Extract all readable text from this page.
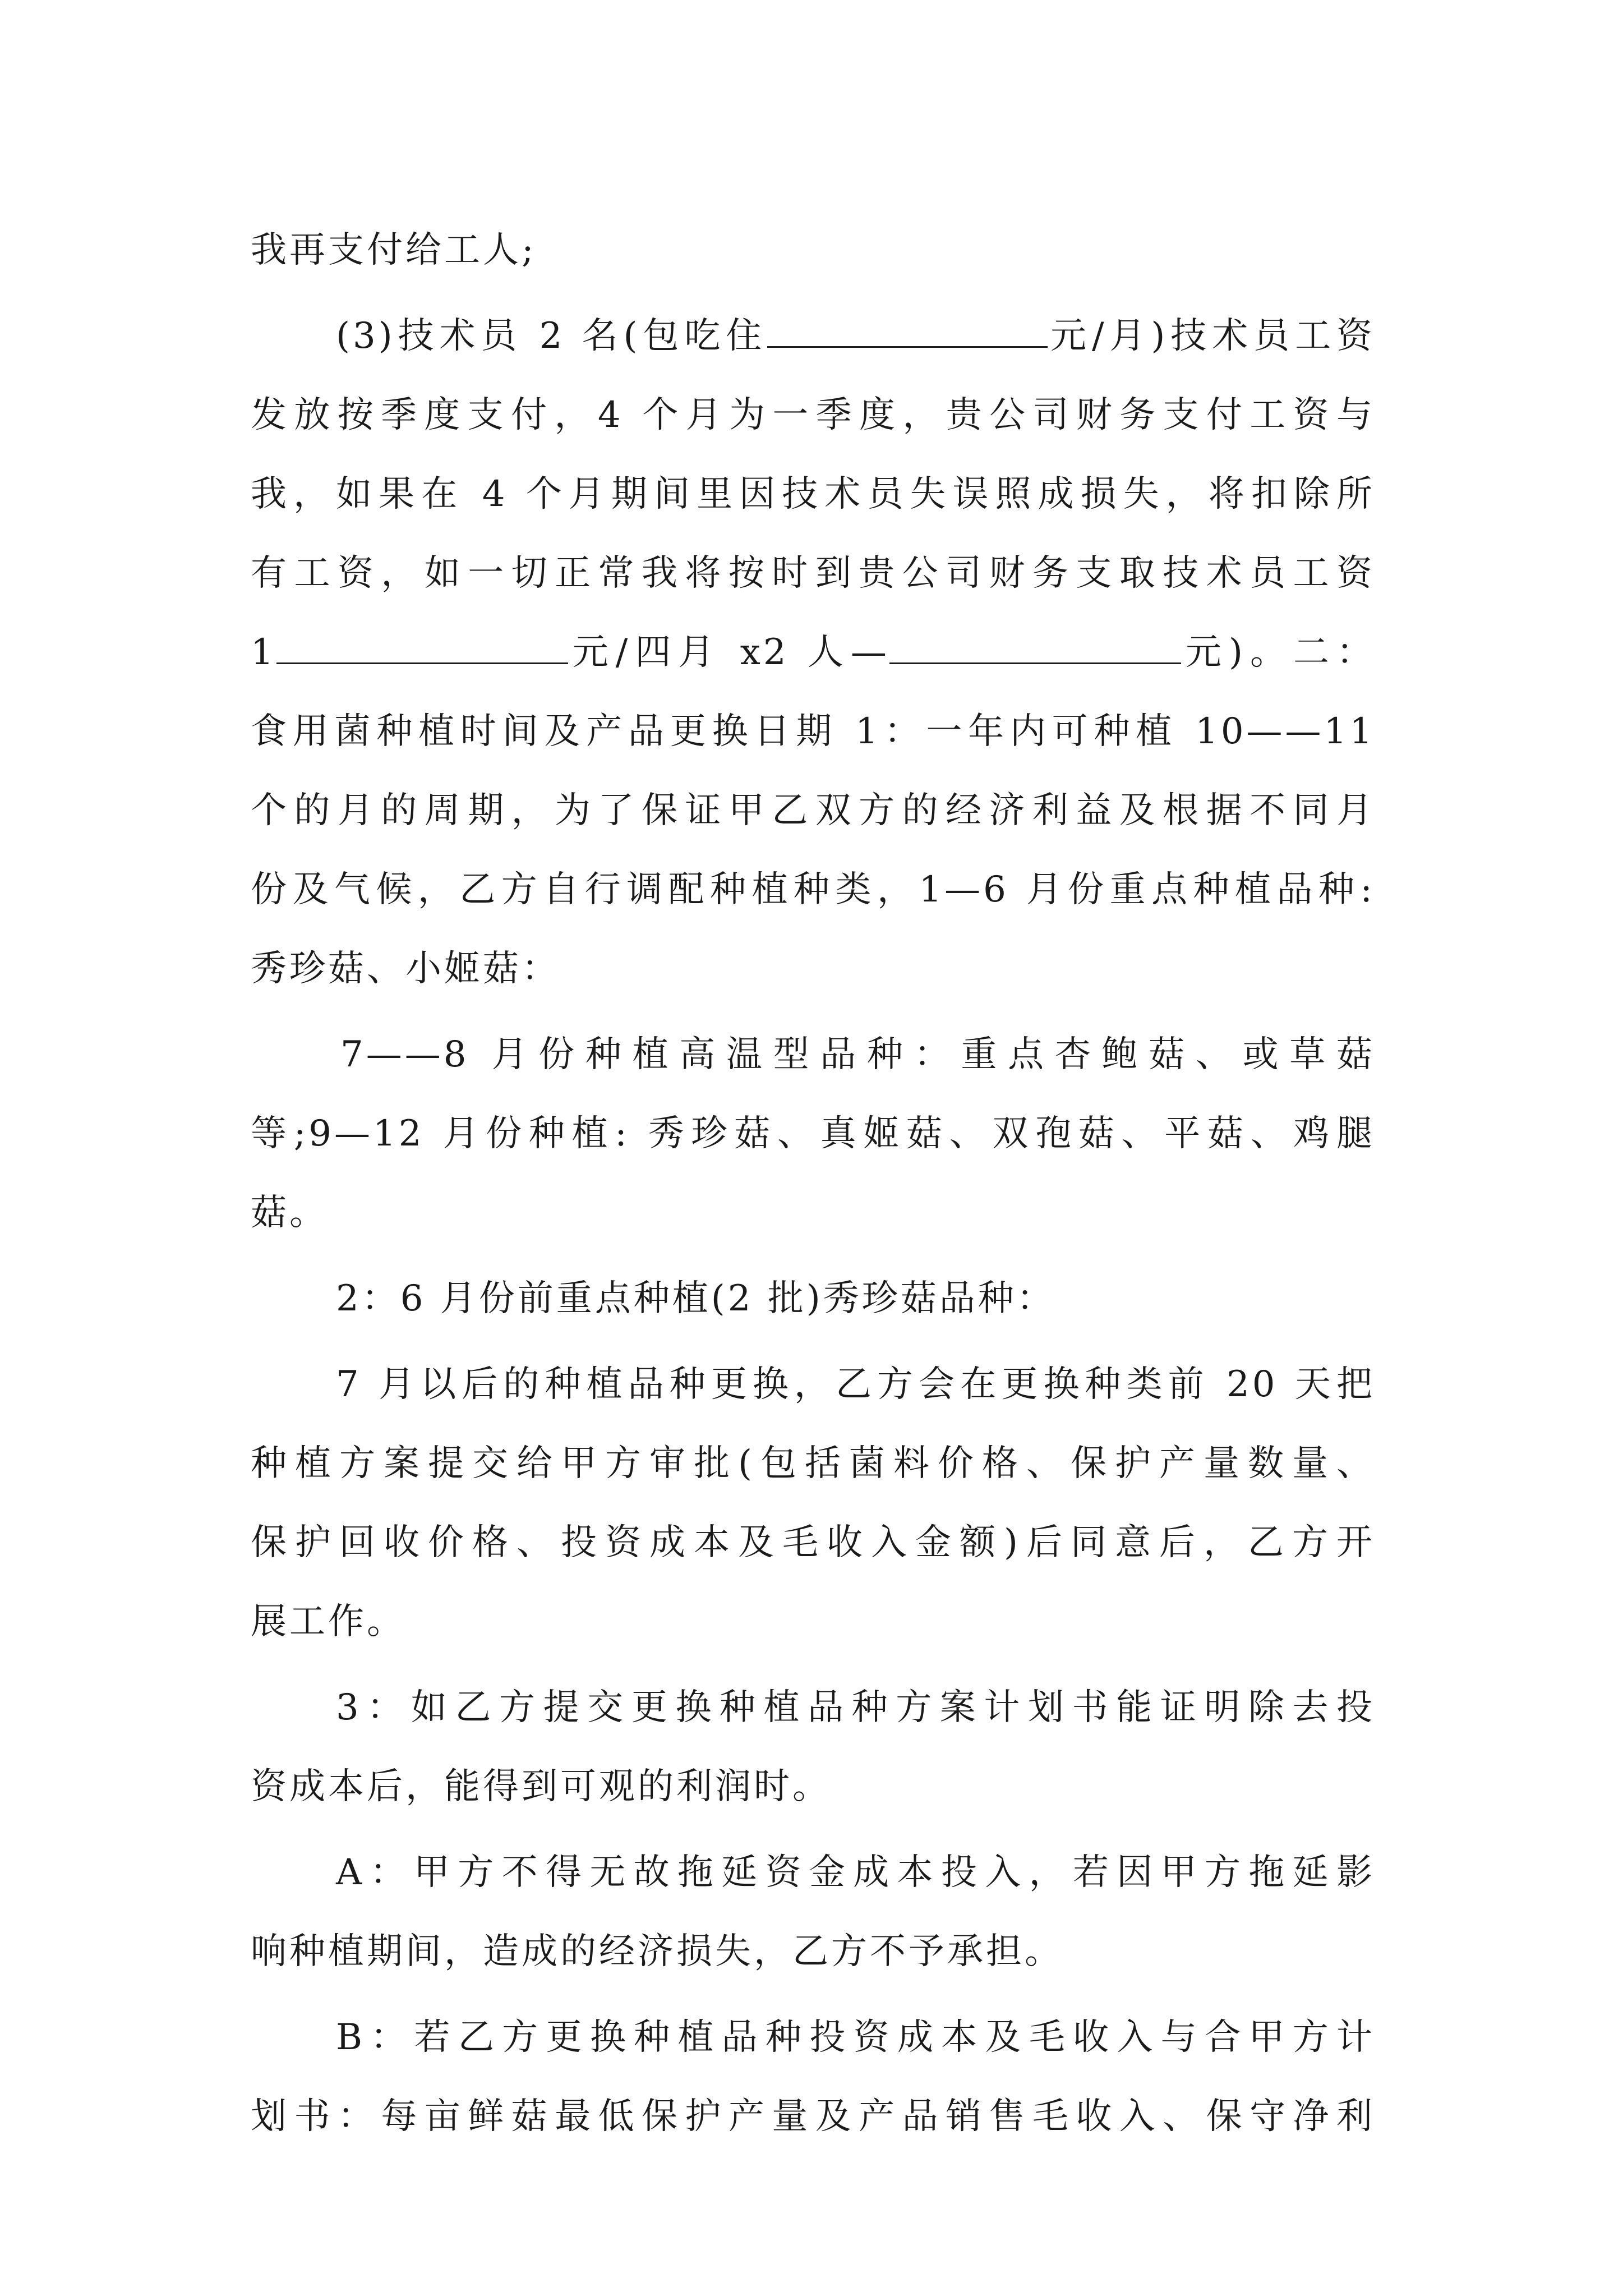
我再支付给工人;
(3)技术员 2 名(包吃住	元/月)技术员工资
发放按季度支付，4 个月为一季度，贵公司财务支付工资与
我，如果在 4 个月期间里因技术员失误照成损失，将扣除所
有工资，如一切正常我将按时到贵公司财务支取技术员工资
1	元/四月 x2 人—	元)。二：
食用菌种植时间及产品更换日期 1：一年内可种植 10——11
个的月的周期，为了保证甲乙双方的经济利益及根据不同月
份及气候，乙方自行调配种植种类，1—6 月份重点种植品种:
秀珍菇、小姬菇：
7——8 月份种植高温型品种：重点杏鲍菇、或草菇
等;9—12 月份种植: 秀珍菇、真姬菇、双孢菇、平菇、鸡腿
菇。
2：6 月份前重点种植(2 批)秀珍菇品种：
7 月以后的种植品种更换，乙方会在更换种类前 20 天把
种植方案提交给甲方审批(包括菌料价格、保护产量数量、
保护回收价格、投资成本及毛收入金额)后同意后，乙方开
展工作。
3：如乙方提交更换种植品种方案计划书能证明除去投
资成本后，能得到可观的利润时。
A：甲方不得无故拖延资金成本投入，若因甲方拖延影
响种植期间，造成的经济损失，乙方不予承担。
B：若乙方更换种植品种投资成本及毛收入与合甲方计
划书：每亩鲜菇最低保护产量及产品销售毛收入、保守净利
